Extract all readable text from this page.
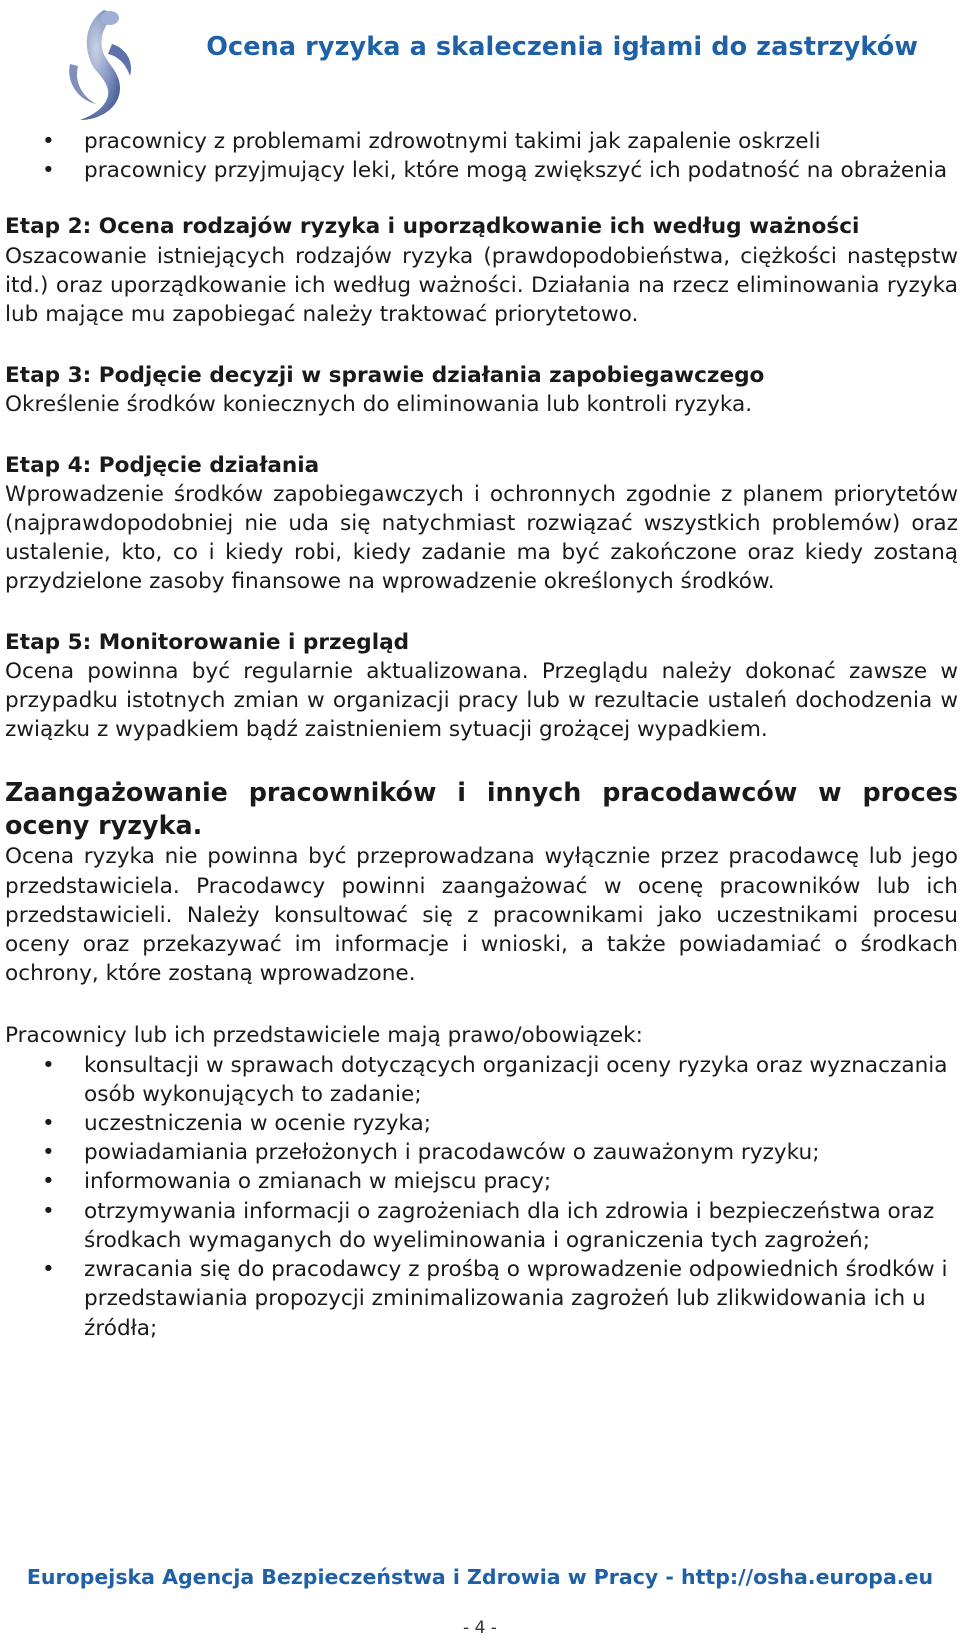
Ocena ryzyka a skaleczenia igłami do zastrzyków
• pracownicy z problemami zdrowotnymi takimi jak zapalenie oskrzeli
• pracownicy przyjmujący leki, które mogą zwiększyć ich podatność na obrażenia

Etap 2: Ocena rodzajów ryzyka i uporządkowanie ich według ważności

Oszacowanie istniejących rodzajów ryzyka (prawdopodobieństwa, ciężkości następstw itd.) oraz uporządkowanie ich według ważności. Działania na rzecz eliminowania ryzyka lub mające mu zapobiegać należy traktować priorytetowo.

Etap 3: Podjęcie decyzji w sprawie działania zapobiegawczego

Określenie środków koniecznych do eliminowania lub kontroli ryzyka.

Etap 4: Podjęcie działania

Wprowadzenie środków zapobiegawczych i ochronnych zgodnie z planem priorytetów (najprawdopodobniej nie uda się natychmiast rozwiązać wszystkich problemów) oraz ustalenie, kto, co i kiedy robi, kiedy zadanie ma być zakończone oraz kiedy zostaną przydzielone zasoby finansowe na wprowadzenie określonych środków.

Etap 5: Monitorowanie i przegląd

Ocena powinna być regularnie aktualizowana. Przeglądu należy dokonać zawsze w przypadku istotnych zmian w organizacji pracy lub w rezultacie ustaleń dochodzenia w związku z wypadkiem bądź zaistnieniem sytuacji grożącej wypadkiem.

Zaangażowanie pracowników i innych pracodawców w proces oceny ryzyka.

Ocena ryzyka nie powinna być przeprowadzana wyłącznie przez pracodawcę lub jego przedstawiciela. Pracodawcy powinni zaangażować w ocenę pracowników lub ich przedstawicieli. Należy konsultować się z pracownikami jako uczestnikami procesu oceny oraz przekazywać im informacje i wnioski, a także powiadamiać o środkach ochrony, które zostaną wprowadzone.

Pracownicy lub ich przedstawiciele mają prawo/obowiązek:

• konsultacji w sprawach dotyczących organizacji oceny ryzyka oraz wyznaczania osób wykonujących to zadanie;
• uczestniczenia w ocenie ryzyka;
• powiadamiania przełożonych i pracodawców o zauważonym ryzyku;
• informowania o zmianach w miejscu pracy;
• otrzymywania informacji o zagrożeniach dla ich zdrowia i bezpieczeństwa oraz środkach wymaganych do wyeliminowania i ograniczenia tych zagrożeń;
• zwracania się do pracodawcy z prośbą o wprowadzenie odpowiednich środków i przedstawiania propozycji zminimalizowania zagrożeń lub zlikwidowania ich u źródła;
Europejska Agencja Bezpieczeństwa i Zdrowia w Pracy - http://osha.europa.eu
- 4 -
